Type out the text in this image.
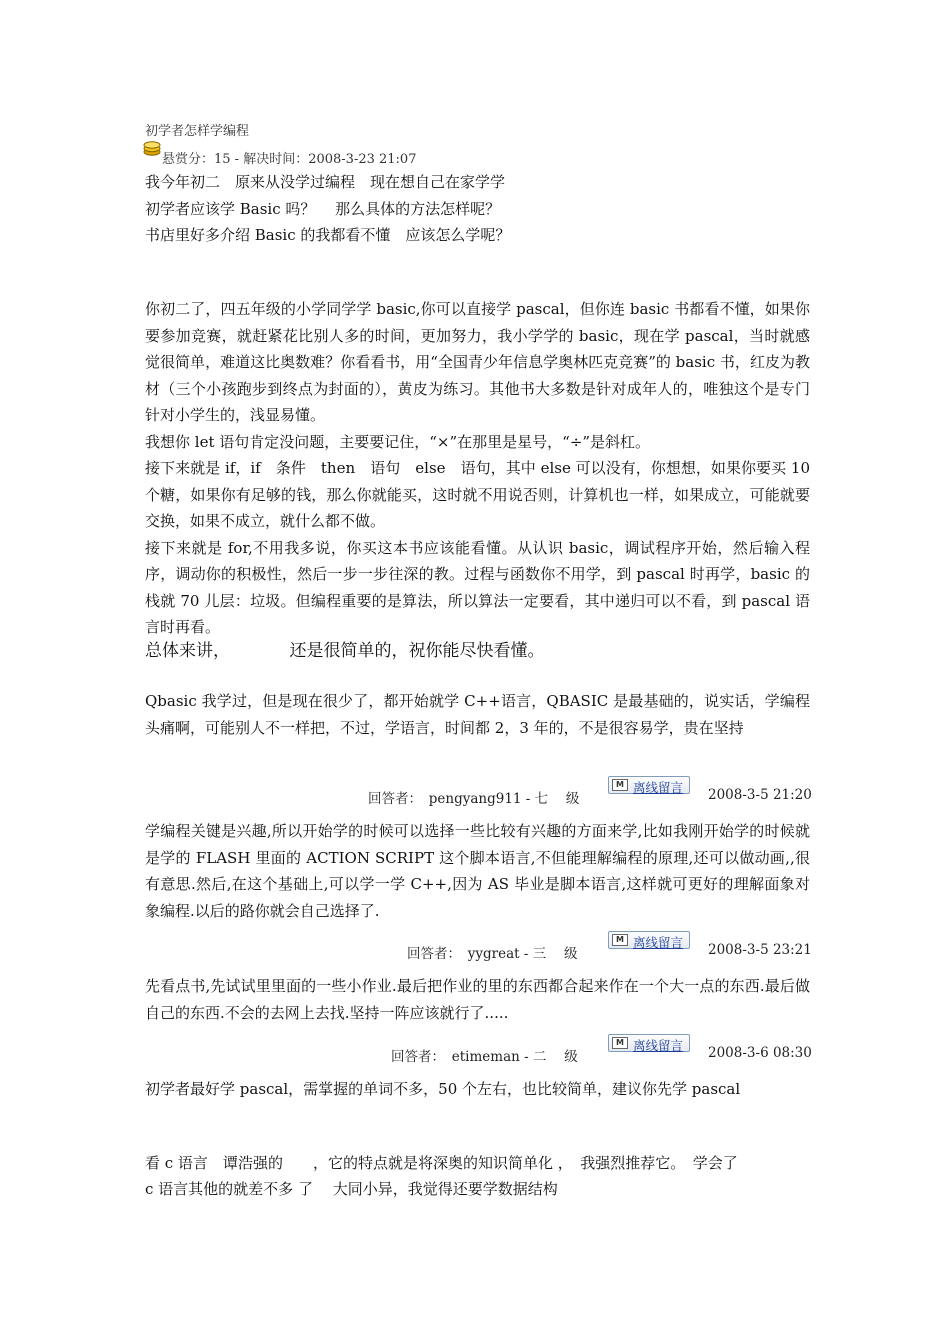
初学者怎样学编程
悬赏分：15 - 解决时间：2008-3-23 21:07
我今年初二　原来从没学过编程　现在想自己在家学学
初学者应该学 Basic 吗？　 那么具体的方法怎样呢？
书店里好多介绍 Basic 的我都看不懂　应该怎么学呢？

你初二了，四五年级的小学同学学 basic,你可以直接学 pascal，但你连 basic 书都看不懂，如果你要参加竞赛，就赶紧花比别人多的时间，更加努力，我小学学的 basic，现在学 pascal，当时就感觉很简单，难道这比奥数难？你看看书，用“全国青少年信息学奥林匹克竞赛”的 basic 书，红皮为教材（三个小孩跑步到终点为封面的），黄皮为练习。其他书大多数是针对成年人的，唯独这个是专门针对小学生的，浅显易懂。

我想你 let 语句肯定没问题，主要要记住，“×”在那里是星号，“÷”是斜杠。

接下来就是 if，if　条件　then　语句　else　语句，其中 else 可以没有，你想想，如果你要买 10 个糖，如果你有足够的钱，那么你就能买，这时就不用说否则，计算机也一样，如果成立，可能就要交换，如果不成立，就什么都不做。

接下来就是 for,不用我多说，你买这本书应该能看懂。从认识 basic，调试程序开始，然后输入程序，调动你的积极性，然后一步一步往深的教。过程与函数你不用学，到 pascal 时再学，basic 的栈就 70 儿层：垃圾。但编程重要的是算法，所以算法一定要看，其中递归可以不看，到 pascal 语言时再看。

总体来讲，　　　　还是很简单的，祝你能尽快看懂。

Qbasic 我学过，但是现在很少了，都开始就学 C++语言，QBASIC 是最基础的，说实话，学编程头痛啊，可能别人不一样把，不过，学语言，时间都 2，3 年的，不是很容易学，贵在坚持

回答者：　pengyang911 - 七　 级
M 离线留言 2008-3-5 21:20

学编程关键是兴趣,所以开始学的时候可以选择一些比较有兴趣的方面来学,比如我刚开始学的时候就是学的 FLASH 里面的 ACTION SCRIPT 这个脚本语言,不但能理解编程的原理,还可以做动画,,很有意思.然后,在这个基础上,可以学一学 C++,因为 AS 毕业是脚本语言,这样就可更好的理解面象对象编程.以后的路你就会自己选择了.

回答者：　yygreat - 三　 级
M 离线留言 2008-3-5 23:21

先看点书,先试试里里面的一些小作业.最后把作业的里的东西都合起来作在一个大一点的东西.最后做自己的东西.不会的去网上去找.坚持一阵应该就行了.....

回答者：　etimeman - 二　 级
M 离线留言 2008-3-6 08:30
初学者最好学 pascal，需掌握的单词不多，50 个左右，也比较简单，建议你先学 pascal
看 c 语言　谭浩强的　　，它的特点就是将深奥的知识简单化 ，　我强烈推荐它。　学会了
c 语言其他的就差不多 了　 大同小异，我觉得还要学数据结构
